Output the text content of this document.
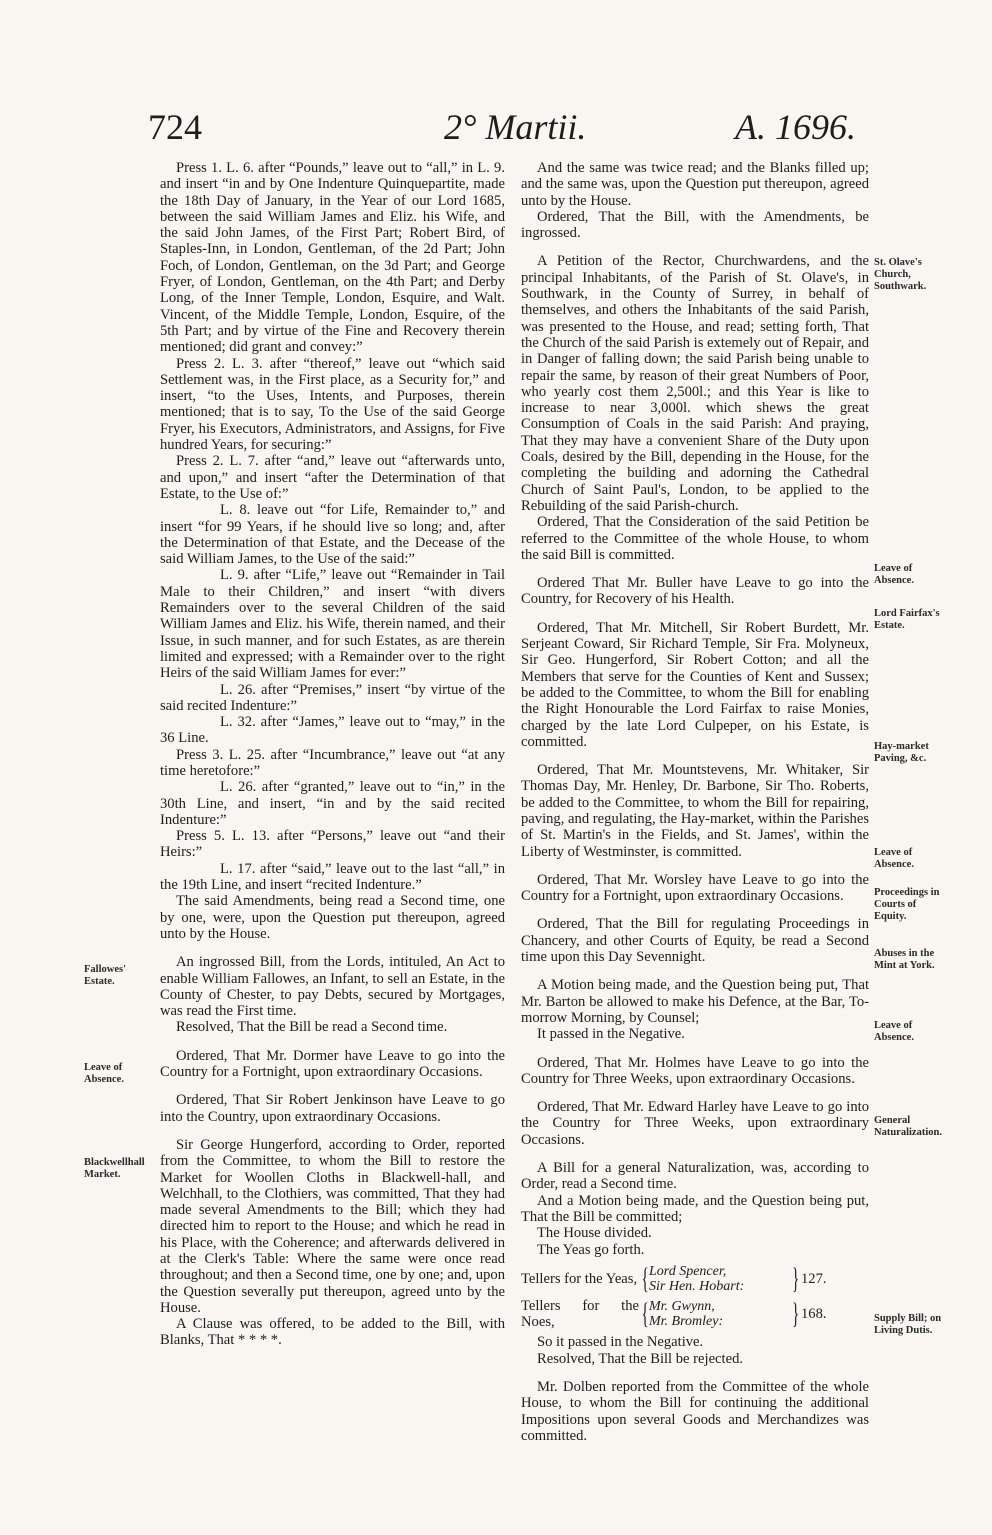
724	2° Martii.	A. 1696.

Press 1. L. 6. after “Pounds,” leave out to “all,” in L. 9. and insert “in and by One Indenture Quinquepartite, made the 18th Day of January, in the Year of our Lord 1685, between the said William James and Eliz. his Wife, and the said John James, of the First Part; Robert Bird, of Staples-Inn, in London, Gentleman, of the 2d Part; John Foch, of London, Gentleman, on the 3d Part; and George Fryer, of London, Gentleman, on the 4th Part; and Derby Long, of the Inner Temple, London, Esquire, and Walt. Vincent, of the Middle Temple, London, Esquire, of the 5th Part; and by virtue of the Fine and Recovery therein mentioned; did grant and convey:”

Press 2. L. 3. after “thereof,” leave out “which said Settlement was, in the First place, as a Security for,” and insert, “to the Uses, Intents, and Purposes, therein mentioned; that is to say, To the Use of the said George Fryer, his Executors, Administrators, and Assigns, for Five hundred Years, for securing:”

Press 2. L. 7. after “and,” leave out “afterwards unto, and upon,” and insert “after the Determination of that Estate, to the Use of:”

L. 8. leave out “for Life, Remainder to,” and insert “for 99 Years, if he should live so long; and, after the Determination of that Estate, and the Decease of the said William James, to the Use of the said:”

L. 9. after “Life,” leave out “Remainder in Tail Male to their Children,” and insert “with divers Remainders over to the several Children of the said William James and Eliz. his Wife, therein named, and their Issue, in such manner, and for such Estates, as are therein limited and expressed; with a Remainder over to the right Heirs of the said William James for ever:”

L. 26. after “Premises,” insert “by virtue of the said recited Indenture:”

L. 32. after “James,” leave out to “may,” in the 36 Line.

Press 3. L. 25. after “Incumbrance,” leave out “at any time heretofore:”

L. 26. after “granted,” leave out to “in,” in the 30th Line, and insert, “in and by the said recited Indenture:”

Press 5. L. 13. after “Persons,” leave out “and their Heirs:”

L. 17. after “said,” leave out to the last “all,” in the 19th Line, and insert “recited Indenture.”

The said Amendments, being read a Second time, one by one, were, upon the Question put thereupon, agreed unto by the House.

An ingrossed Bill, from the Lords, intituled, An Act to enable William Fallowes, an Infant, to sell an Estate, in the County of Chester, to pay Debts, secured by Mortgages, was read the First time.

Resolved, That the Bill be read a Second time.

Ordered, That Mr. Dormer have Leave to go into the Country for a Fortnight, upon extraordinary Occasions.

Ordered, That Sir Robert Jenkinson have Leave to go into the Country, upon extraordinary Occasions.

Sir George Hungerford, according to Order, reported from the Committee, to whom the Bill to restore the Market for Woollen Cloths in Blackwell-hall, and Welchhall, to the Clothiers, was committed, That they had made several Amendments to the Bill; which they had directed him to report to the House; and which he read in his Place, with the Coherence; and afterwards delivered in at the Clerk's Table: Where the same were once read throughout; and then a Second time, one by one; and, upon the Question severally put thereupon, agreed unto by the House.

A Clause was offered, to be added to the Bill, with Blanks, That * * * *.

And the same was twice read; and the Blanks filled up; and the same was, upon the Question put thereupon, agreed unto by the House.

Ordered, That the Bill, with the Amendments, be ingrossed.

A Petition of the Rector, Churchwardens, and the principal Inhabitants, of the Parish of St. Olave's, in Southwark, in the County of Surrey, in behalf of themselves, and others the Inhabitants of the said Parish, was presented to the House, and read; setting forth, That the Church of the said Parish is extemely out of Repair, and in Danger of falling down; the said Parish being unable to repair the same, by reason of their great Numbers of Poor, who yearly cost them 2,500l.; and this Year is like to increase to near 3,000l. which shews the great Consumption of Coals in the said Parish: And praying, That they may have a convenient Share of the Duty upon Coals, desired by the Bill, depending in the House, for the completing the building and adorning the Cathedral Church of Saint Paul's, London, to be applied to the Rebuilding of the said Parish-church.

Ordered, That the Consideration of the said Petition be referred to the Committee of the whole House, to whom the said Bill is committed.

Ordered That Mr. Buller have Leave to go into the Country, for Recovery of his Health.

Ordered, That Mr. Mitchell, Sir Robert Burdett, Mr. Serjeant Coward, Sir Richard Temple, Sir Fra. Molyneux, Sir Geo. Hungerford, Sir Robert Cotton; and all the Members that serve for the Counties of Kent and Sussex; be added to the Committee, to whom the Bill for enabling the Right Honourable the Lord Fairfax to raise Monies, charged by the late Lord Culpeper, on his Estate, is committed.

Ordered, That Mr. Mountstevens, Mr. Whitaker, Sir Thomas Day, Mr. Henley, Dr. Barbone, Sir Tho. Roberts, be added to the Committee, to whom the Bill for repairing, paving, and regulating, the Hay-market, within the Parishes of St. Martin's in the Fields, and St. James', within the Liberty of Westminster, is committed.

Ordered, That Mr. Worsley have Leave to go into the Country for a Fortnight, upon extraordinary Occasions.

Ordered, That the Bill for regulating Proceedings in Chancery, and other Courts of Equity, be read a Second time upon this Day Sevennight.

A Motion being made, and the Question being put, That Mr. Barton be allowed to make his Defence, at the Bar, To-morrow Morning, by Counsel;

It passed in the Negative.

Ordered, That Mr. Holmes have Leave to go into the Country for Three Weeks, upon extraordinary Occasions.

Ordered, That Mr. Edward Harley have Leave to go into the Country for Three Weeks, upon extraordinary Occasions.

A Bill for a general Naturalization, was, according to Order, read a Second time.

And a Motion being made, and the Question being put, That the Bill be committed;

The House divided.

The Yeas go forth.

Tellers for the Yeas, { Lord Spencer,
Sir Hen. Hobart:	} 127.
Tellers for the Noes,	{ Mr. Gwynn,
Mr. Bromley:	} 168.

So it passed in the Negative.

Resolved, That the Bill be rejected.

Mr. Dolben reported from the Committee of the whole House, to whom the Bill for continuing the additional Impositions upon several Goods and Merchandizes was committed.

Fallowes' Estate.
Leave of Absence.
Blackwellhall Market.
St. Olave's Church, Southwark.
Leave of Absence.
Lord Fairfax's Estate.
Hay-market Paving, &c.
Leave of Absence.
Proceedings in Courts of Equity.
Abuses in the Mint at York.
Leave of Absence.
General Naturalization.
Supply Bill; on Living Dutis.
